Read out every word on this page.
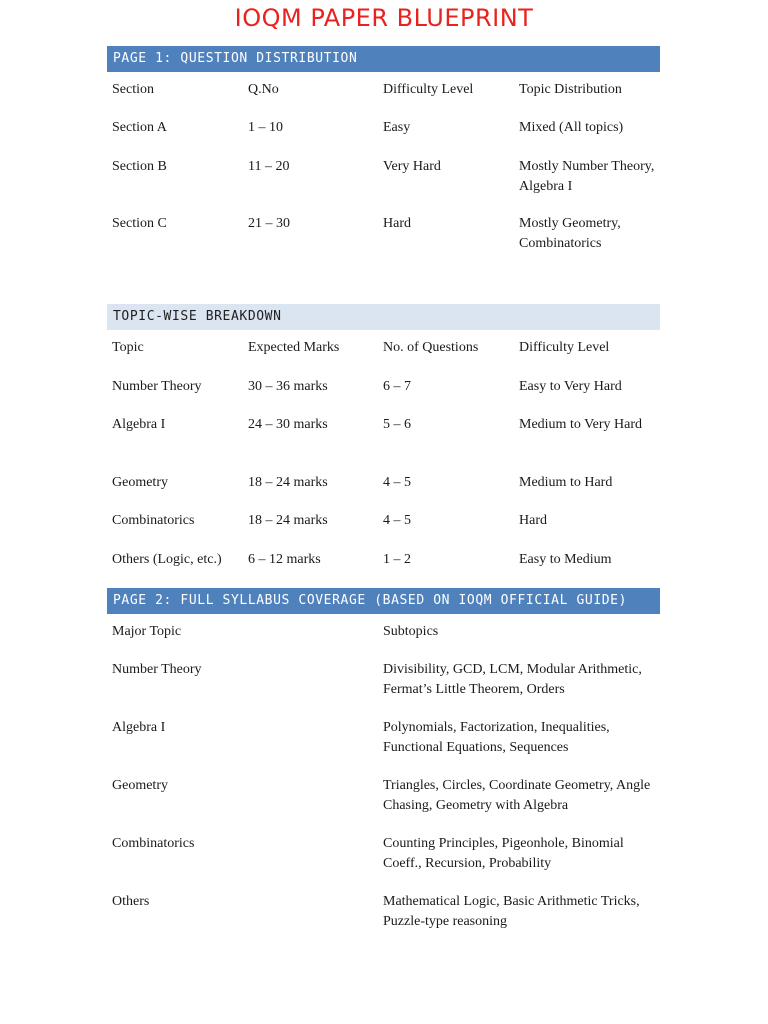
IOQM PAPER BLUEPRINT
PAGE 1: QUESTION DISTRIBUTION
Section	Q.No	Difficulty Level	Topic Distribution
Section A	1 – 10	Easy	Mixed (All topics)
Section B	11 – 20	Very Hard	Mostly Number Theory, Algebra I
Section C	21 – 30	Hard	Mostly Geometry, Combinatorics
TOPIC-WISE BREAKDOWN
Topic	Expected Marks	No. of Questions	Difficulty Level
Number Theory	30 – 36 marks	6 – 7	Easy to Very Hard
Algebra I	24 – 30 marks	5 – 6	Medium to Very Hard
Geometry	18 – 24 marks	4 – 5	Medium to Hard
Combinatorics	18 – 24 marks	4 – 5	Hard
Others (Logic, etc.) 6 – 12 marks	1 – 2	Easy to Medium
PAGE 2: FULL SYLLABUS COVERAGE (BASED ON IOQM OFFICIAL GUIDE)
Major Topic	Subtopics
Number Theory	Divisibility, GCD, LCM, Modular Arithmetic, Fermat’s Little Theorem, Orders
Algebra I	Polynomials, Factorization, Inequalities, Functional Equations, Sequences
Geometry	Triangles, Circles, Coordinate Geometry, Angle Chasing, Geometry with Algebra
Combinatorics	Counting Principles, Pigeonhole, Binomial Coeff., Recursion, Probability
Others	Mathematical Logic, Basic Arithmetic Tricks, Puzzle-type reasoning
